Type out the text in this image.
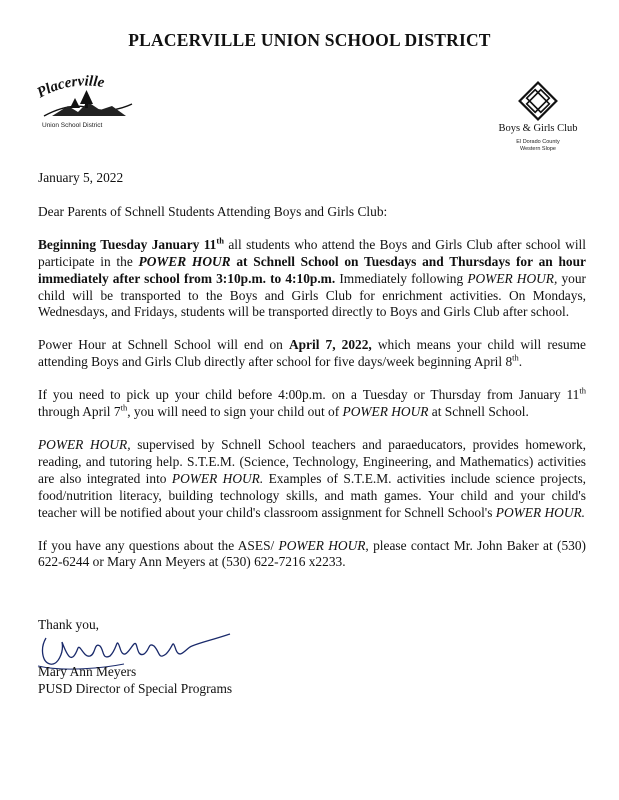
PLACERVILLE UNION SCHOOL DISTRICT
Placerville
Union School District	Boys & Girls Club
El Dorado County
Western Slope

January 5, 2022

Dear Parents of Schnell Students Attending Boys and Girls Club:

Beginning Tuesday January 11th all students who attend the Boys and Girls Club after school will participate in the POWER HOUR at Schnell School on Tuesdays and Thursdays for an hour immediately after school from 3:10p.m. to 4:10p.m. Immediately following POWER HOUR, your child will be transported to the Boys and Girls Club for enrichment activities. On Mondays, Wednesdays, and Fridays, students will be transported directly to Boys and Girls Club after school.

Power Hour at Schnell School will end on April 7, 2022, which means your child will resume attending Boys and Girls Club directly after school for five days/week beginning April 8th.

If you need to pick up your child before 4:00p.m. on a Tuesday or Thursday from January 11th through April 7th, you will need to sign your child out of POWER HOUR at Schnell School.

POWER HOUR, supervised by Schnell School teachers and paraeducators, provides homework, reading, and tutoring help. S.T.E.M. (Science, Technology, Engineering, and Mathematics) activities are also integrated into POWER HOUR. Examples of S.T.E.M. activities include science projects, food/nutrition literacy, building technology skills, and math games. Your child and your child's teacher will be notified about your child's classroom assignment for Schnell School's POWER HOUR.

If you have any questions about the ASES/ POWER HOUR, please contact Mr. John Baker at (530) 622-6244 or Mary Ann Meyers at (530) 622-7216 x2233.

Thank you,
Mary Ann Meyers
PUSD Director of Special Programs
